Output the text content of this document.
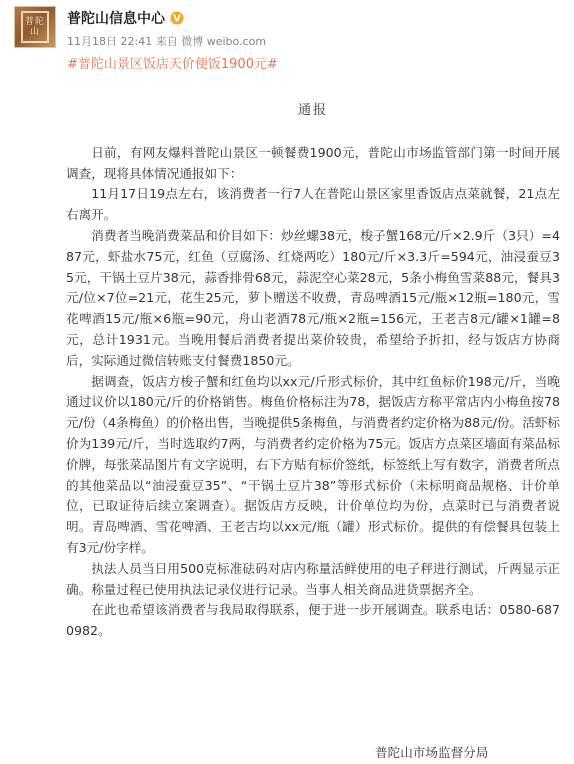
普陀 山
普陀山信息中心 V
11月18日 22:41 来自 微博 weibo.com
#普陀山景区饭店天价便饭1900元#
通报

日前，有网友爆料普陀山景区一顿餐费1900元，普陀山市场监管部门第一时间开展调查，现将具体情况通报如下：

11月17日19点左右，该消费者一行7人在普陀山景区家里香饭店点菜就餐，21点左右离开。

消费者当晚消费菜品和价目如下：炒丝螺38元，梭子蟹168元/斤×2.9斤（3只）=487元，虾盐水75元，红鱼（豆腐汤、红烧两吃）180元/斤×3.3斤=594元，油浸蚕豆35元，干锅土豆片38元，蒜香排骨68元，蒜泥空心菜28元，5条小梅鱼雪菜88元，餐具3元/位×7位=21元，花生25元，萝卜赠送不收费，青岛啤酒15元/瓶×12瓶=180元，雪花啤酒15元/瓶×6瓶=90元，舟山老酒78元/瓶×2瓶=156元，王老吉8元/罐×1罐=8元，总计1931元。当晚用餐后消费者提出菜价较贵，希望给予折扣，经与饭店方协商后，实际通过微信转账支付餐费1850元。

据调查，饭店方梭子蟹和红鱼均以xx元/斤形式标价，其中红鱼标价198元/斤，当晚通过议价以180元/斤的价格销售。梅鱼价格标注为78，据饭店方称平常店内小梅鱼按78元/份（4条梅鱼）的价格出售，当晚提供5条梅鱼，与消费者约定价格为88元/份。活虾标价为139元/斤，当时选取约7两，与消费者约定价格为75元。饭店方点菜区墙面有菜品标价牌，每张菜品图片有文字说明，右下方贴有标价签纸，标签纸上写有数字，消费者所点的其他菜品以“油浸蚕豆35”、“干锅土豆片38”等形式标价（未标明商品规格、计价单位，已取证待后续立案调查）。据饭店方反映，计价单位均为份，点菜时已与消费者说明。青岛啤酒、雪花啤酒、王老吉均以xx元/瓶（罐）形式标价。提供的有偿餐具包装上有3元/份字样。

执法人员当日用500克标准砝码对店内称量活鲜使用的电子秤进行测试，斤两显示正确。称量过程已使用执法记录仪进行记录。当事人相关商品进货票据齐全。

在此也希望该消费者与我局取得联系，便于进一步开展调查。联系电话：0580-6870982。

普陀山市场监督分局
